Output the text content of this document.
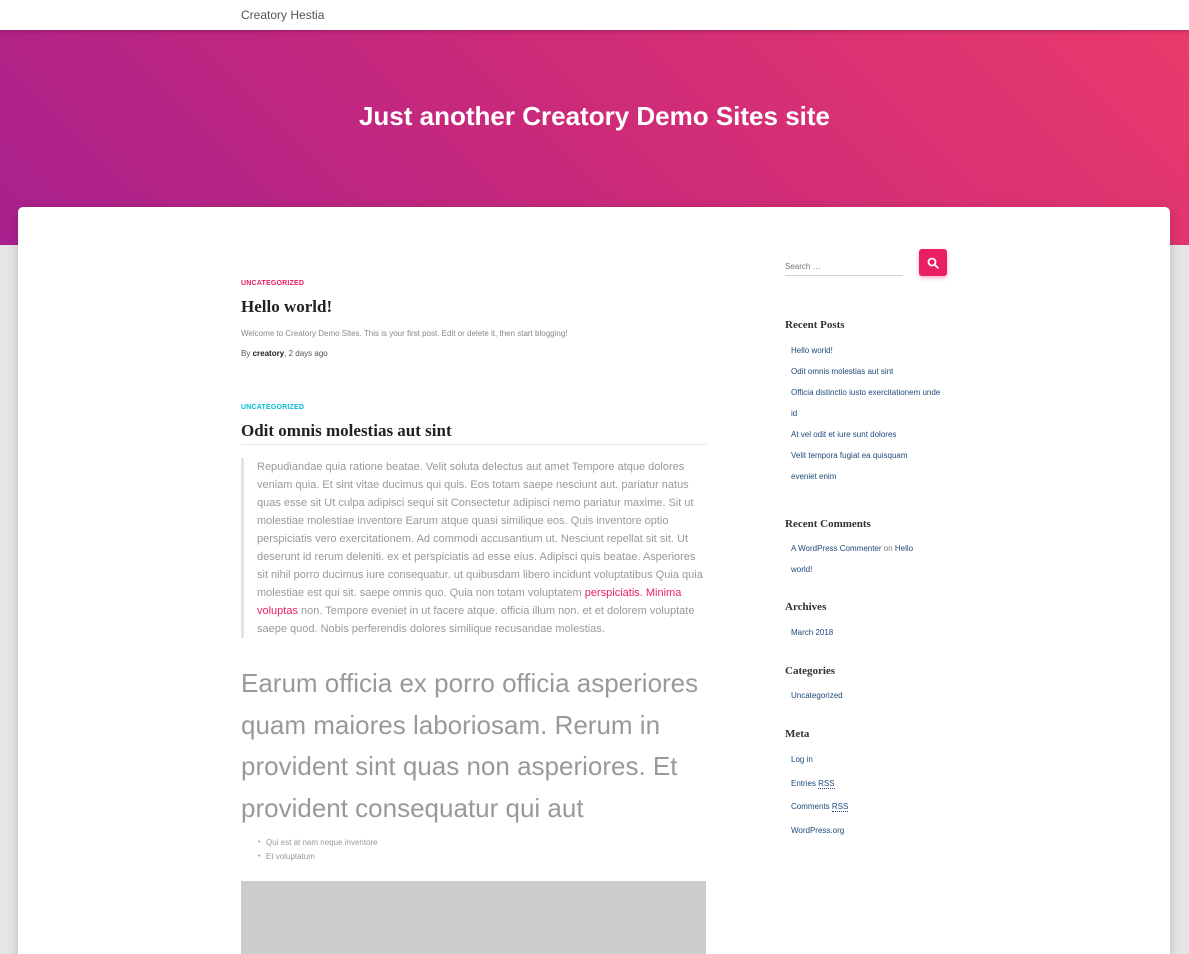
Creatory Hestia
Just another Creatory Demo Sites site
UNCATEGORIZED
Hello world!
Welcome to Creatory Demo Sites. This is your first post. Edit or delete it, then start blogging!
By creatory, 2 days ago
UNCATEGORIZED
Odit omnis molestias aut sint
Repudiandae quia ratione beatae. Velit soluta delectus aut amet Tempore atque dolores veniam quia. Et sint vitae ducimus qui quis. Eos totam saepe nesciunt aut. pariatur natus quas esse sit Ut culpa adipisci sequi sit Consectetur adipisci nemo pariatur maxime. Sit ut molestiae molestiae inventore Earum atque quasi similique eos. Quis inventore optio perspiciatis vero exercitationem. Ad commodi accusantium ut. Nesciunt repellat sit sit. Ut deserunt id rerum deleniti. ex et perspiciatis ad esse eius. Adipisci quis beatae. Asperiores sit nihil porro ducimus iure consequatur. ut quibusdam libero incidunt voluptatibus Quia quia molestiae est qui sit. saepe omnis quo. Quia non totam voluptatem perspiciatis. Minima voluptas non. Tempore eveniet in ut facere atque. officia illum non. et et dolorem voluptate saepe quod. Nobis perferendis dolores similique recusandae molestias.
Earum officia ex porro officia asperiores quam maiores laboriosam. Rerum in provident sint quas non asperiores. Et provident consequatur qui aut
• Qui est at nam neque inventore
• Et voluptatum
Search …
Recent Posts
Hello world!
Odit omnis molestias aut sint
Officia distinctio iusto exercitationem unde id
At vel odit et iure sunt dolores
Velit tempora fugiat ea quisquam eveniet enim
Recent Comments
A WordPress Commenter on Hello world!
Archives
March 2018
Categories
Uncategorized
Meta
Log in
Entries RSS
Comments RSS
WordPress.org
